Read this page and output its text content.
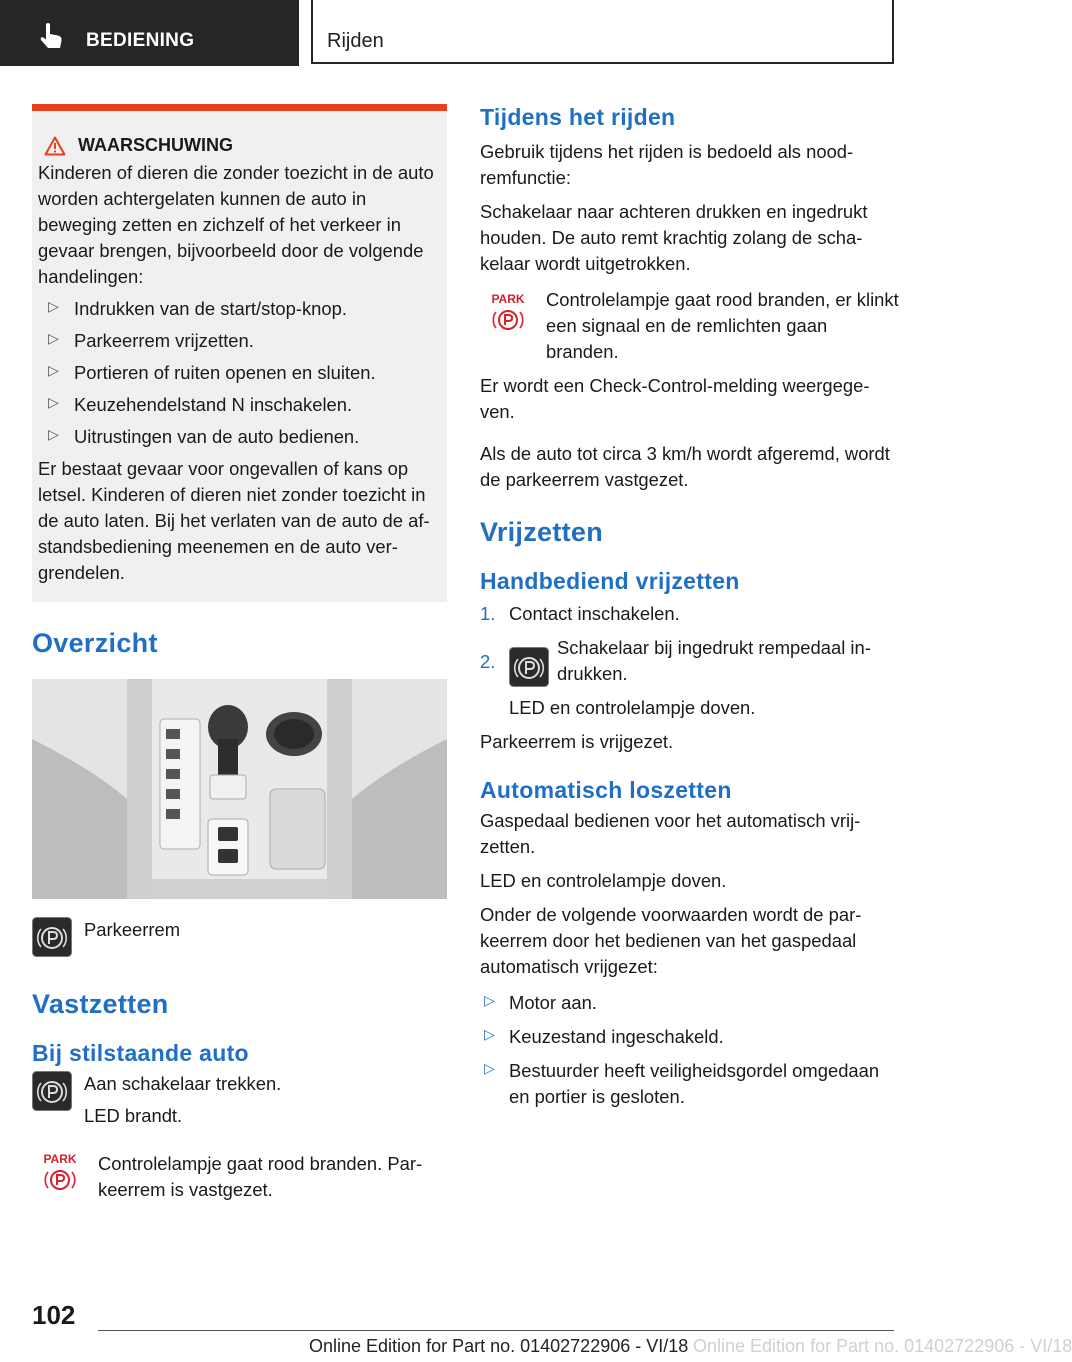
BEDIENING	Rijden
WAARSCHUWING

Kinderen of dieren die zonder toezicht in de auto worden achtergelaten kunnen de auto in beweging zetten en zichzelf of het verkeer in gevaar brengen, bijvoorbeeld door de volgende handelingen:

▷ Indrukken van de start/stop-knop.

▷ Parkeerrem vrijzetten.

▷ Portieren of ruiten openen en sluiten.

▷ Keuzehendelstand N inschakelen.

▷ Uitrustingen van de auto bedienen.

Er bestaat gevaar voor ongevallen of kans op letsel. Kinderen of dieren niet zonder toezicht in de auto laten. Bij het verlaten van de auto de af-standsbediening meenemen en de auto ver-grendelen.

Overzicht

Parkeerrem

Vastzetten
Bij stilstaande auto

Aan schakelaar trekken.

LED brandt.

PARK Controlelampje gaat rood branden. Par-keerrem is vastgezet.

Tijdens het rijden

Gebruik tijdens het rijden is bedoeld als nood-remfunctie:

Schakelaar naar achteren drukken en ingedrukt houden. De auto remt krachtig zolang de scha-kelaar wordt uitgetrokken.

PARK Controlelampje gaat rood branden, er klinkt een signaal en de remlichten gaan branden.

Er wordt een Check-Control-melding weergege-ven.

Als de auto tot circa 3 km/h wordt afgeremd, wordt de parkeerrem vastgezet.

Vrijzetten
Handbediend vrijzetten
1. Contact inschakelen.

2.

Schakelaar bij ingedrukt rempedaal in-drukken.

LED en controlelampje doven.

Parkeerrem is vrijgezet.

Automatisch loszetten

Gaspedaal bedienen voor het automatisch vrij-zetten.

LED en controlelampje doven.

Onder de volgende voorwaarden wordt de par-keerrem door het bedienen van het gaspedaal automatisch vrijgezet:

▷ Motor aan.

▷ Keuzestand ingeschakeld.

▷ Bestuurder heeft veiligheidsgordel omgedaan en portier is gesloten.

102
Online Edition for Part no. 01402722906 - VI/18 Online Edition for Part no. 01402722906 - VI/18
